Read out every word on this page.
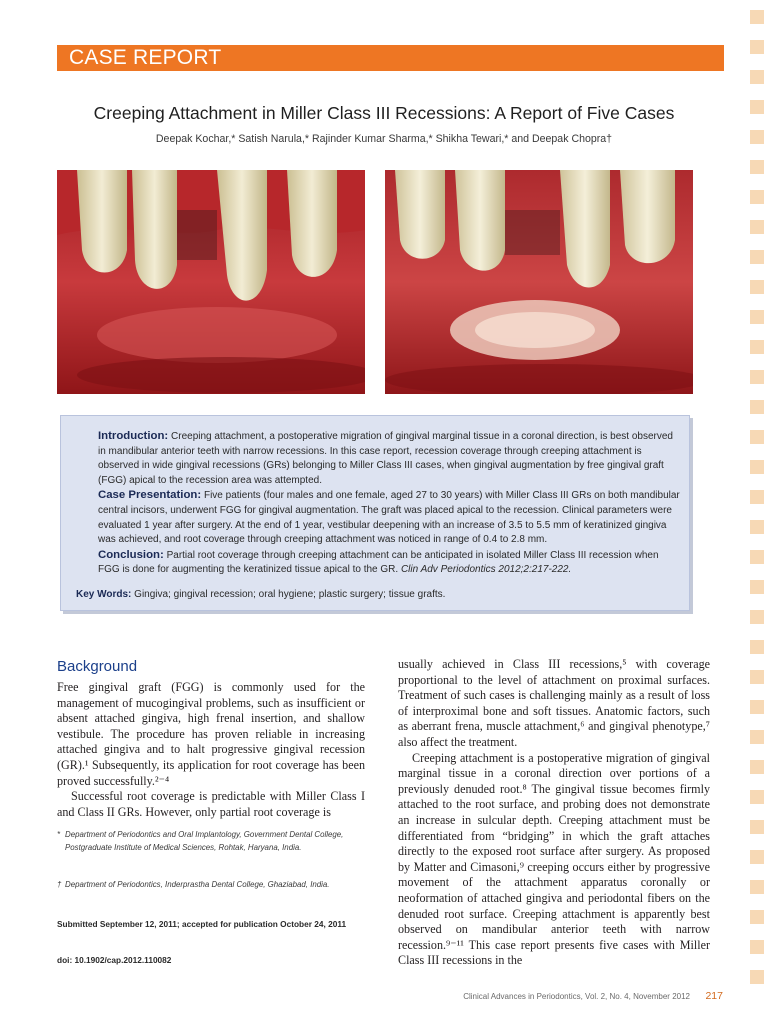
CASE REPORT
Creeping Attachment in Miller Class III Recessions: A Report of Five Cases
Deepak Kochar,* Satish Narula,* Rajinder Kumar Sharma,* Shikha Tewari,* and Deepak Chopra†

Introduction: Creeping attachment, a postoperative migration of gingival marginal tissue in a coronal direction, is best observed in mandibular anterior teeth with narrow recessions. In this case report, recession coverage through creeping attachment is observed in wide gingival recessions (GRs) belonging to Miller Class III cases, when gingival augmentation by free gingival graft (FGG) apical to the recession area was attempted.

Case Presentation: Five patients (four males and one female, aged 27 to 30 years) with Miller Class III GRs on both mandibular central incisors, underwent FGG for gingival augmentation. The graft was placed apical to the recession. Clinical parameters were evaluated 1 year after surgery. At the end of 1 year, vestibular deepening with an increase of 3.5 to 5.5 mm of keratinized gingiva was achieved, and root coverage through creeping attachment was noticed in range of 0.4 to 2.8 mm.

Conclusion: Partial root coverage through creeping attachment can be anticipated in isolated Miller Class III recession when FGG is done for augmenting the keratinized tissue apical to the GR. Clin Adv Periodontics 2012;2:217-222.

Key Words: Gingiva; gingival recession; oral hygiene; plastic surgery; tissue grafts.

Background

Free gingival graft (FGG) is commonly used for the management of mucogingival problems, such as insufficient or absent attached gingiva, high frenal insertion, and shallow vestibule. The procedure has proven reliable in increasing attached gingiva and to halt progressive gingival recession (GR).¹ Subsequently, its application for root coverage has been proved successfully.²⁻⁴

Successful root coverage is predictable with Miller Class I and Class II GRs. However, only partial root coverage is

* Department of Periodontics and Oral Implantology, Government Dental College, Postgraduate Institute of Medical Sciences, Rohtak, Haryana, India.
† Department of Periodontics, Inderprastha Dental College, Ghaziabad, India.
Submitted September 12, 2011; accepted for publication October 24, 2011
doi: 10.1902/cap.2012.110082

usually achieved in Class III recessions,⁵ with coverage proportional to the level of attachment on proximal surfaces. Treatment of such cases is challenging mainly as a result of loss of interproximal bone and soft tissues. Anatomic factors, such as aberrant frena, muscle attachment,⁶ and gingival phenotype,⁷ also affect the treatment.

Creeping attachment is a postoperative migration of gingival marginal tissue in a coronal direction over portions of a previously denuded root.⁸ The gingival tissue becomes firmly attached to the root surface, and probing does not demonstrate an increase in sulcular depth. Creeping attachment must be differentiated from “bridging” in which the graft attaches directly to the exposed root surface after surgery. As proposed by Matter and Cimasoni,⁹ creeping occurs either by progressive movement of the attachment apparatus coronally or neoformation of attached gingiva and periodontal fibers on the denuded root surface. Creeping attachment is apparently best observed on mandibular anterior teeth with narrow recession.⁹⁻¹¹ This case report presents five cases with Miller Class III recessions in the

Clinical Advances in Periodontics, Vol. 2, No. 4, November 2012 217
